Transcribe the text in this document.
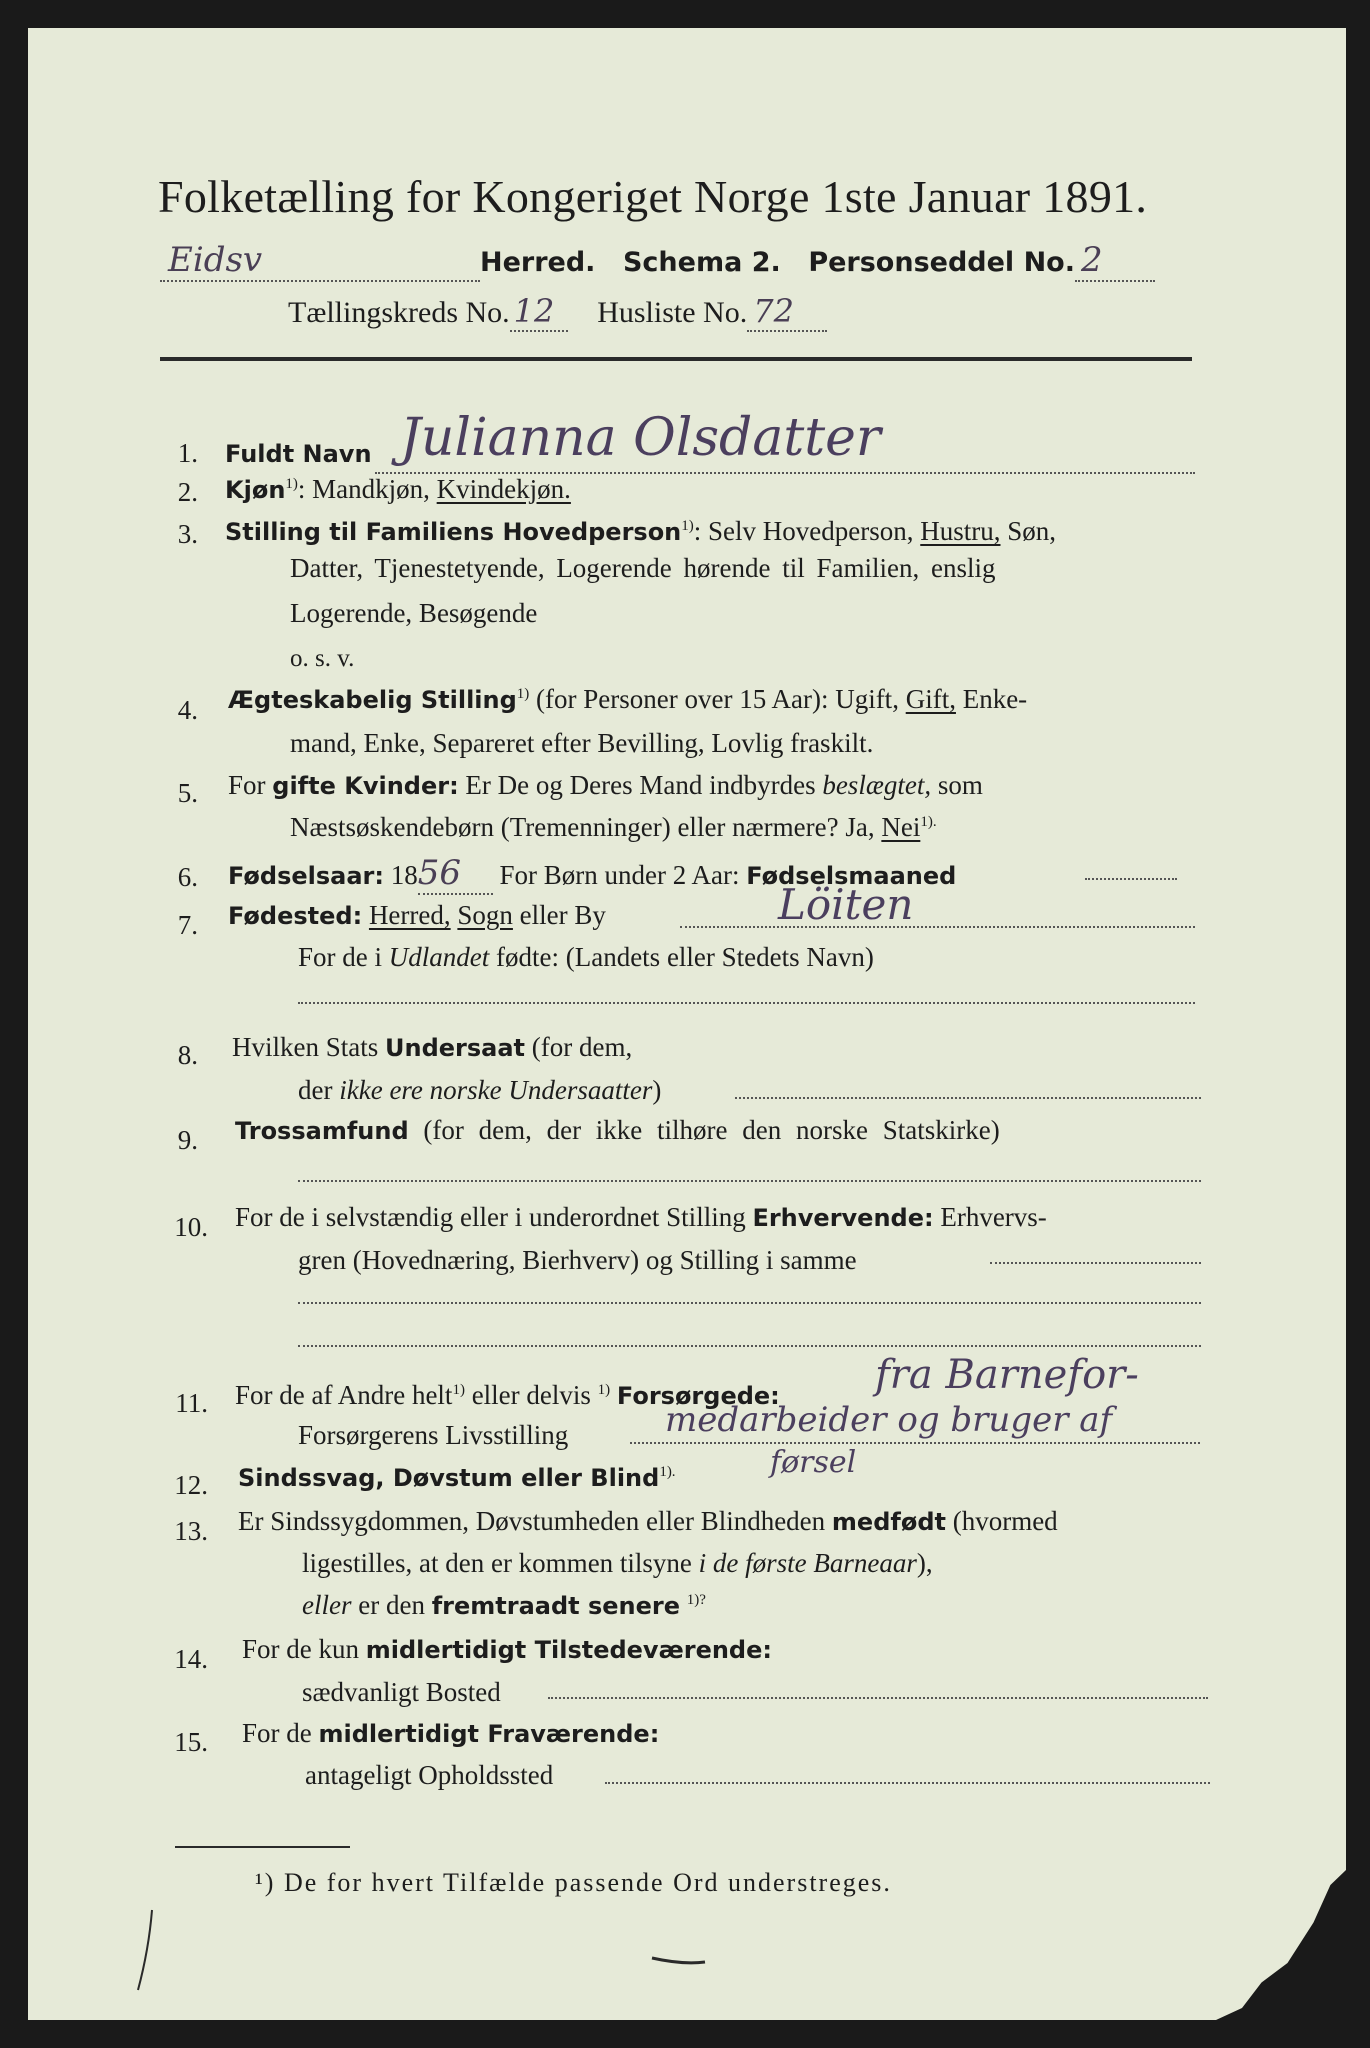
Folketælling for Kongeriget Norge 1ste Januar 1891.
Eidsv	Herred. Schema 2. Personseddel No. 2
Tællingskreds No. 12 Husliste No. 72
1. Fuldt Navn Julianna Olsdatter
2. Kjøn$^{1)}$: Mandkjøn, Kvindekjøn.
3. Stilling til Familiens Hovedperson$^{1)}$: Selv Hovedperson, Hustru, Søn,
Datter, Tjenestetyende, Logerende hørende til Familien, enslig
Logerende, Besøgende
o. s. v.
4. Ægteskabelig Stilling$^{1)}$ (for Personer over 15 Aar): Ugift, Gift, Enke-
mand, Enke, Separeret efter Bevilling, Lovlig fraskilt.
5. For gifte Kvinder: Er De og Deres Mand indbyrdes beslægtet, som
Næstsøskendebørn (Tremenninger) eller nærmere? Ja, Nei$^{1).}$
6. Fødselsaar: 1856 For Børn under 2 Aar: Fødselsmaaned
7. Fødested: Herred, Sogn eller By	Löiten
For de i Udlandet fødte: (Landets eller Stedets Navn)
8. Hvilken Stats Undersaat (for dem,
der ikke ere norske Undersaatter)
9. Trossamfund (for dem, der ikke tilhøre den norske Statskirke)
10. For de i selvstændig eller i underordnet Stilling Erhvervende: Erhvervs-
gren (Hovednæring, Bierhverv) og Stilling i samme
11. For de af Andre helt$^{1)}$ eller delvis $^{1)}$ Forsørgede: fra Barnefor-
Forsørgerens Livsstilling	medarbeider og bruger af
førsel
12. Sindssvag, Døvstum eller Blind$^{1).}$
13. Er Sindssygdommen, Døvstumheden eller Blindheden medfødt (hvormed
ligestilles, at den er kommen tilsyne i de første Barneaar),
eller er den fremtraadt senere $^{1)?}$
14. For de kun midlertidigt Tilstedeværende:
sædvanligt Bosted
15. For de midlertidigt Fraværende:
antageligt Opholdssted
¹) De for hvert Tilfælde passende Ord understreges.
